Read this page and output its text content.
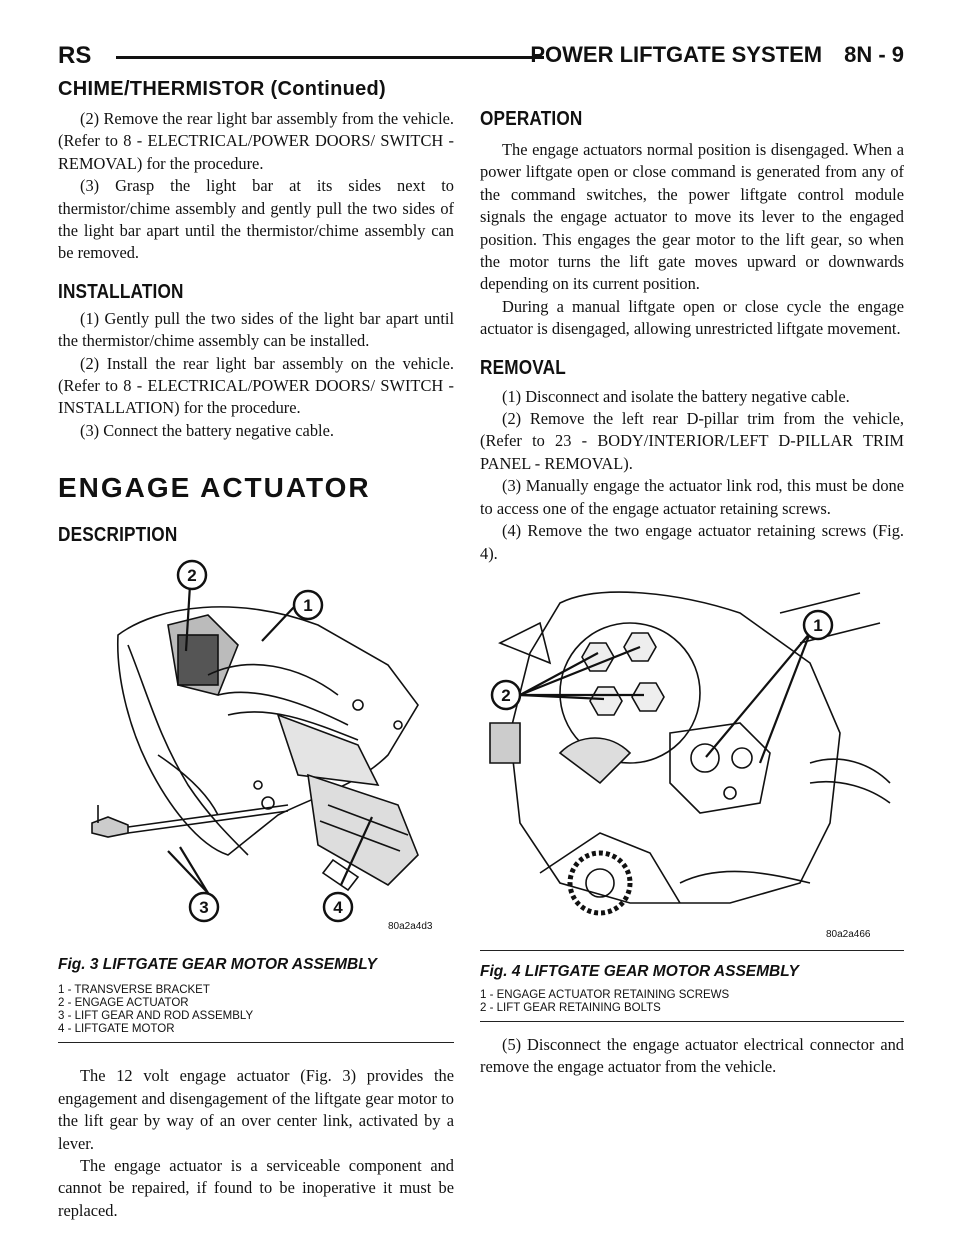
RS	POWER LIFTGATE SYSTEM 8N - 9
CHIME/THERMISTOR (Continued)

(2) Remove the rear light bar assembly from the vehicle. (Refer to 8 - ELECTRICAL/POWER DOORS/ SWITCH - REMOVAL) for the procedure.

(3) Grasp the light bar at its sides next to thermistor/chime assembly and gently pull the two sides of the light bar apart until the thermistor/chime assembly can be removed.

INSTALLATION

(1) Gently pull the two sides of the light bar apart until the thermistor/chime assembly can be installed.

(2) Install the rear light bar assembly on the vehicle. (Refer to 8 - ELECTRICAL/POWER DOORS/ SWITCH - INSTALLATION) for the procedure.

(3) Connect the battery negative cable.

ENGAGE ACTUATOR
DESCRIPTION
2
1
3	4
80a2a4d3
Fig. 3 LIFTGATE GEAR MOTOR ASSEMBLY
1 - TRANSVERSE BRACKET
2 - ENGAGE ACTUATOR
3 - LIFT GEAR AND ROD ASSEMBLY
4 - LIFTGATE MOTOR

The 12 volt engage actuator (Fig. 3) provides the engagement and disengagement of the liftgate gear motor to the lift gear by way of an over center link, activated by a lever.

The engage actuator is a serviceable component and cannot be repaired, if found to be inoperative it must be replaced.

OPERATION

The engage actuators normal position is disengaged. When a power liftgate open or close command is generated from any of the command switches, the power liftgate control module signals the engage actuator to move its lever to the engaged position. This engages the gear motor to the lift gear, so when the motor turns the lift gate moves upward or downwards depending on its current position.

During a manual liftgate open or close cycle the engage actuator is disengaged, allowing unrestricted liftgate movement.

REMOVAL

(1) Disconnect and isolate the battery negative cable.

(2) Remove the left rear D-pillar trim from the vehicle, (Refer to 23 - BODY/INTERIOR/LEFT D-PILLAR TRIM PANEL - REMOVAL).

(3) Manually engage the actuator link rod, this must be done to access one of the engage actuator retaining screws.

(4) Remove the two engage actuator retaining screws (Fig. 4).

2
1
80a2a466
Fig. 4 LIFTGATE GEAR MOTOR ASSEMBLY
1 - ENGAGE ACTUATOR RETAINING SCREWS
2 - LIFT GEAR RETAINING BOLTS

(5) Disconnect the engage actuator electrical connector and remove the engage actuator from the vehicle.
